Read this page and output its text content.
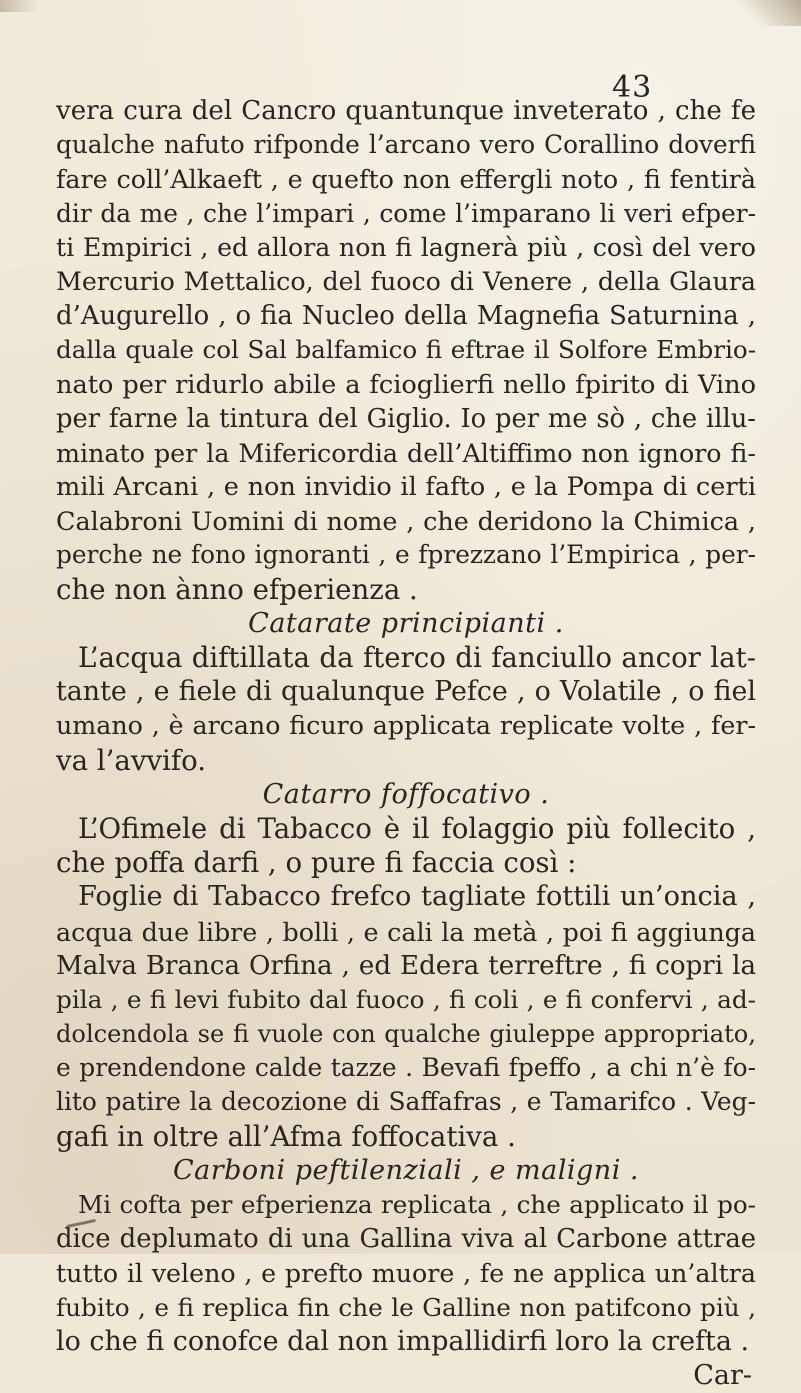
43
vera cura del Cancro quantunque inveterato , che fe
qualche nafuto rifponde l’arcano vero Corallino doverfi
fare coll’Alkaeft , e quefto non effergli noto , fi fentirà
dir da me , che l’impari , come l’imparano li veri efper-
ti Empirici , ed allora non fi lagnerà più , così del vero
Mercurio Mettalico, del fuoco di Venere , della Glaura
d’Augurello , o fia Nucleo della Magnefia Saturnina ,
dalla quale col Sal balfamico fi eftrae il Solfore Embrio-
nato per ridurlo abile a fcioglierfi nello fpirito di Vino
per farne la tintura del Giglio. Io per me sò , che illu-
minato per la Mifericordia dell’Altiffimo non ignoro fi-
mili Arcani , e non invidio il fafto , e la Pompa di certi
Calabroni Uomini di nome , che deridono la Chimica ,
perche ne fono ignoranti , e fprezzano l’Empirica , per-
che non ànno efperienza .
Catarate principianti .
L’acqua diftillata da fterco di fanciullo ancor lat-
tante , e fiele di qualunque Pefce , o Volatile , o fiel
umano , è arcano ficuro applicata replicate volte , fer-
va l’avvifo.
Catarro foffocativo .
L’Ofimele di Tabacco è il folaggio più follecito ,
che poffa darfi , o pure fi faccia così :
Foglie di Tabacco frefco tagliate fottili un’oncia ,
acqua due libre , bolli , e cali la metà , poi fi aggiunga
Malva Branca Orfina , ed Edera terreftre , fi copri la
pila , e fi levi fubito dal fuoco , fi coli , e fi confervi , ad-
dolcendola se fi vuole con qualche giuleppe appropriato,
e prendendone calde tazze . Bevafi fpeffo , a chi n’è fo-
lito patire la decozione di Saffafras , e Tamarifco . Veg-
gafi in oltre all’Afma foffocativa .
Carboni peftilenziali , e maligni .
Mi cofta per efperienza replicata , che applicato il po-
dice deplumato di una Gallina viva al Carbone attrae
tutto il veleno , e prefto muore , fe ne applica un’altra
fubito , e fi replica fin che le Galline non patifcono più ,
lo che fi conofce dal non impallidirfi loro la crefta .
Car-
